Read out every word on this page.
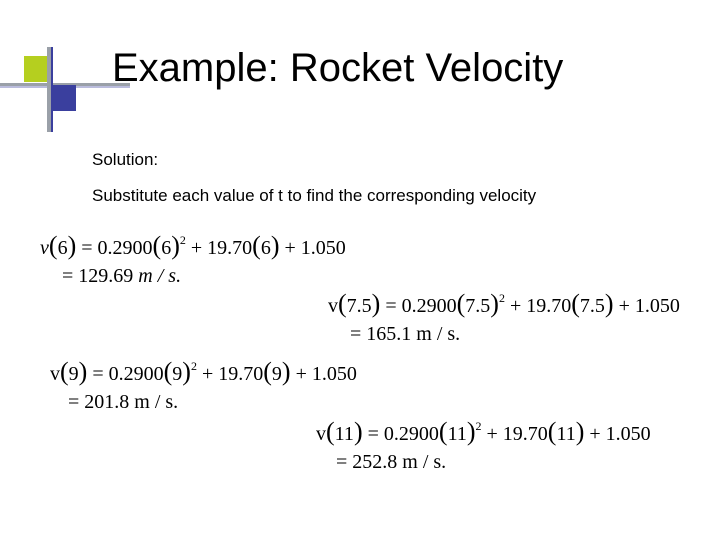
Example: Rocket Velocity
Solution:
Substitute each value of t to find the corresponding velocity
$v(6) = 0.2900(6)^2 + 19.70(6) + 1.050$
= 129.69 m / s.
$v(7.5) = 0.2900(7.5)^2 + 19.70(7.5) + 1.050$
= 165.1 m / s.
$v(9) = 0.2900(9)^2 + 19.70(9) + 1.050$
= 201.8 m / s.
$v(11) = 0.2900(11)^2 + 19.70(11) + 1.050$
= 252.8 m / s.
